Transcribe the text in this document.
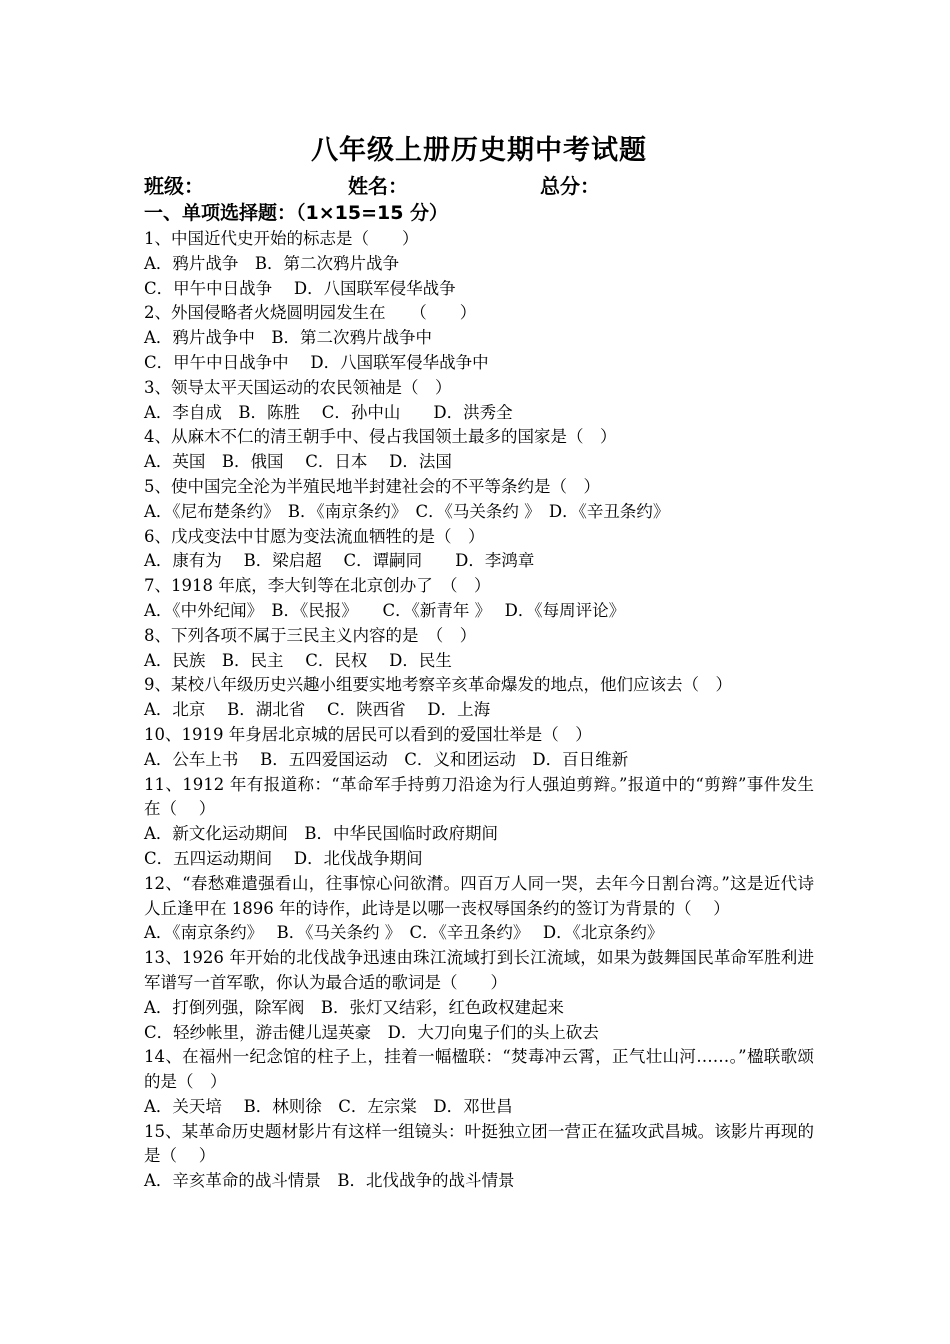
八年级上册历史期中考试题
班级：	姓名：	总分：
一、单项选择题：（1×15=15 分）
1、中国近代史开始的标志是（　　）
A．鸦片战争　B．第二次鸦片战争
C．甲午中日战争　 D．八国联军侵华战争
2、外国侵略者火烧圆明园发生在　　（　　）
A．鸦片战争中　B．第二次鸦片战争中
C．甲午中日战争中　 D．八国联军侵华战争中
3、领导太平天国运动的农民领袖是（　）
A．李自成　B．陈胜　 C．孙中山　　D．洪秀全
4、从麻木不仁的清王朝手中、侵占我国领土最多的国家是（　）
A．英国　B．俄国　 C．日本　 D．法国
5、使中国完全沦为半殖民地半封建社会的不平等条约是（　）
A．《尼布楚条约》　B．《南京条约》　C．《马关条约 》　D．《辛丑条约》
6、戊戌变法中甘愿为变法流血牺牲的是（　）
A．康有为　 B．梁启超　 C．谭嗣同　　D．李鸿章
7、1918 年底，李大钊等在北京创办了　（　）
A．《中外纪闻》　B．《民报》　　C．《新青年 》　 D．《每周评论》
8、下列各项不属于三民主义内容的是　（　）
A．民族　B．民主　 C．民权　 D．民生
9、某校八年级历史兴趣小组要实地考察辛亥革命爆发的地点，他们应该去（　）
A．北京　 B．湖北省　 C．陕西省　 D．上海
10、1919 年身居北京城的居民可以看到的爱国壮举是（　）
A．公车上书　 B．五四爱国运动　C．义和团运动　D．百日维新
11、1912 年有报道称：“革命军手持剪刀沿途为行人强迫剪辫。”报道中的“剪辫”事件发生在（　 ）
A．新文化运动期间　B．中华民国临时政府期间
C．五四运动期间　 D．北伐战争期间
12、“春愁难遣强看山，往事惊心问欲潸。四百万人同一哭，去年今日割台湾。”这是近代诗人丘逢甲在 1896 年的诗作，此诗是以哪一丧权辱国条约的签订为背景的（　 ）
A．《南京条约》　 B．《马关条约 》　C．《辛丑条约》　 D．《北京条约》
13、1926 年开始的北伐战争迅速由珠江流域打到长江流域，如果为鼓舞国民革命军胜利进军谱写一首军歌，你认为最合适的歌词是（　　）
A．打倒列强，除军阀　B．张灯又结彩，红色政权建起来
C．轻纱帐里，游击健儿逞英豪　D．大刀向鬼子们的头上砍去
14、在福州一纪念馆的柱子上，挂着一幅楹联：“焚毒冲云霄，正气壮山河……。”楹联歌颂的是（　）
A．关天培　 B．林则徐　C．左宗棠　D．邓世昌
15、某革命历史题材影片有这样一组镜头：叶挺独立团一营正在猛攻武昌城。该影片再现的是（　 ）
A．辛亥革命的战斗情景　B．北伐战争的战斗情景
